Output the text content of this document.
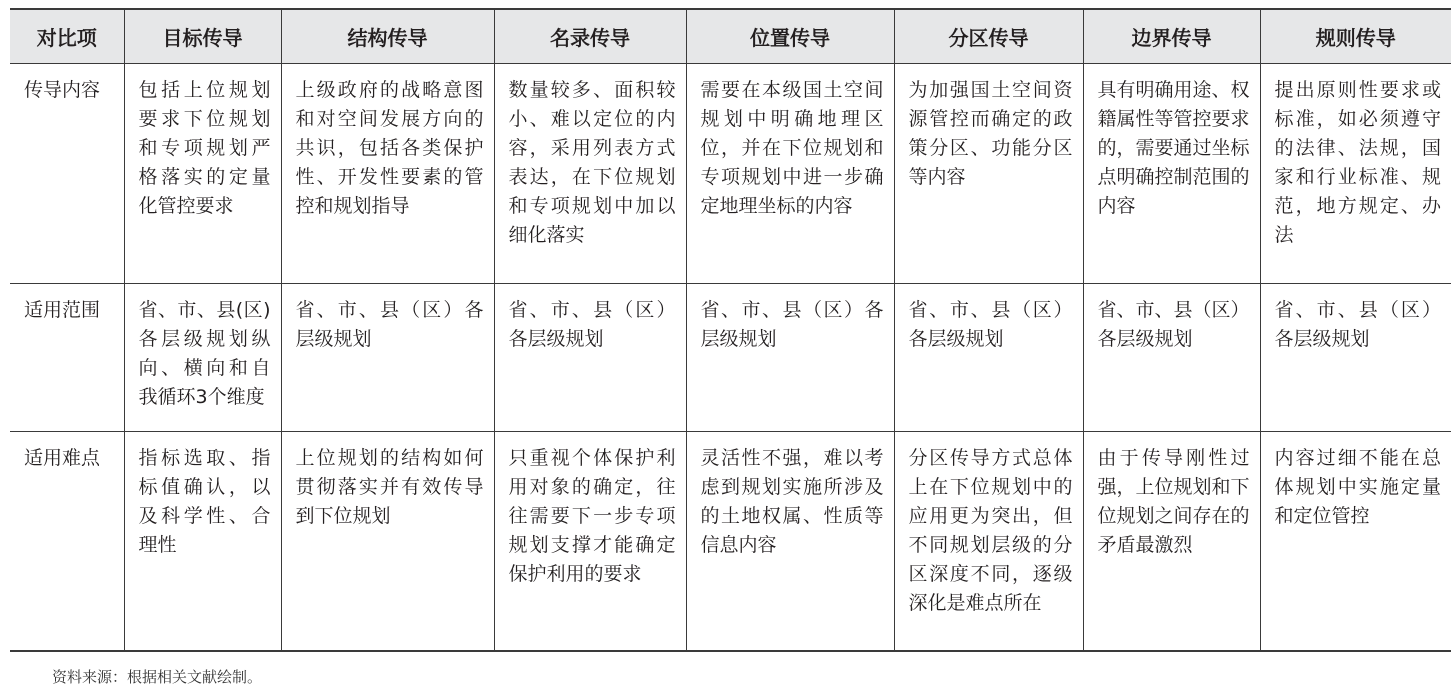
对比项	目标传导	结构传导	名录传导	位置传导	分区传导	边界传导	规则传导
传导内容	包括上位规划要求下位规划和专项规划严格落实的定量化管控要求	上级政府的战略意图和对空间发展方向的共识，包括各类保护性、开发性要素的管控和规划指导	数量较多、面积较小、难以定位的内容，采用列表方式表达，在下位规划和专项规划中加以细化落实	需要在本级国土空间规划中明确地理区位，并在下位规划和专项规划中进一步确定地理坐标的内容	为加强国土空间资源管控而确定的政策分区、功能分区等内容	具有明确用途、权籍属性等管控要求的，需要通过坐标点明确控制范围的内容	提出原则性要求或标准，如必须遵守的法律、法规，国家和行业标准、规范，地方规定、办法
适用范围	省、市、县(区)各层级规划纵向、横向和自我循环3个维度	省、市、县（区）各层级规划	省、市、县（区）各层级规划	省、市、县（区）各层级规划	省、市、县（区）各层级规划	省、市、县（区）各层级规划	省、市、县（区）各层级规划
适用难点	指标选取、指标值确认，以及科学性、合理性	上位规划的结构如何贯彻落实并有效传导到下位规划	只重视个体保护利用对象的确定，往往需要下一步专项规划支撑才能确定保护利用的要求	灵活性不强，难以考虑到规划实施所涉及的土地权属、性质等信息内容	分区传导方式总体上在下位规划中的应用更为突出，但不同规划层级的分区深度不同，逐级深化是难点所在	由于传导刚性过强，上位规划和下位规划之间存在的矛盾最激烈	内容过细不能在总体规划中实施定量和定位管控
资料来源：根据相关文献绘制。
